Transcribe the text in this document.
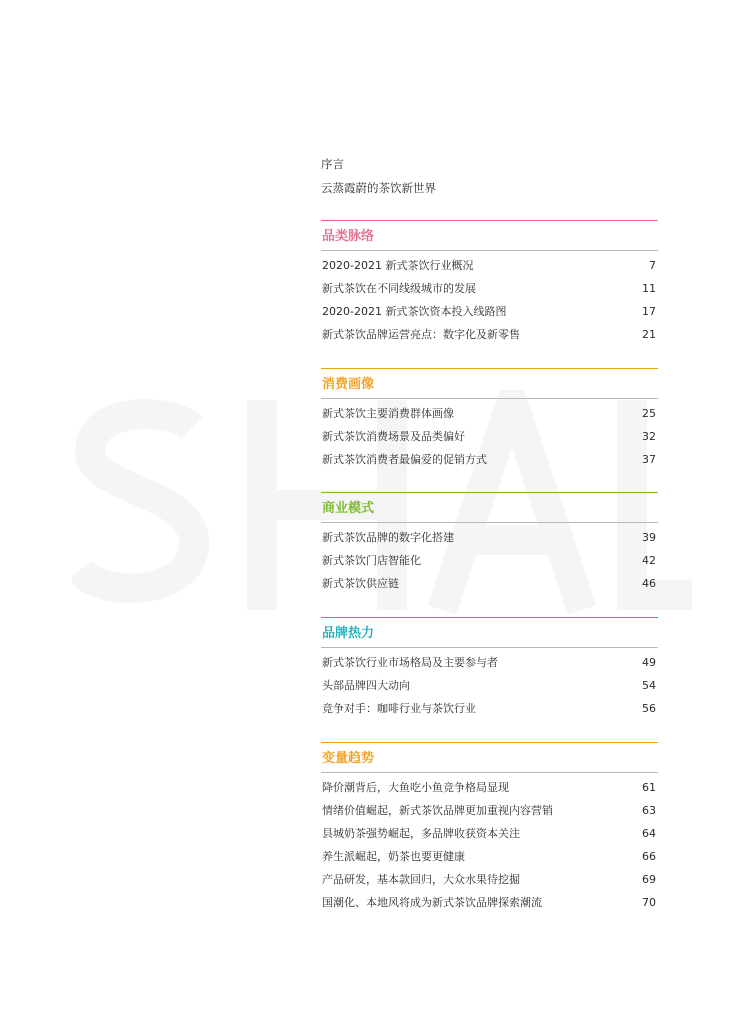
序言
云蒸霞蔚的茶饮新世界
品类脉络
2020-2021 新式茶饮行业概况	7
新式茶饮在不同线级城市的发展	11
2020-2021 新式茶饮资本投入线路图	17
新式茶饮品牌运营亮点：数字化及新零售	21
消费画像
新式茶饮主要消费群体画像	25
新式茶饮消费场景及品类偏好	32
新式茶饮消费者最偏爱的促销方式	37
商业模式
新式茶饮品牌的数字化搭建	39
新式茶饮门店智能化	42
新式茶饮供应链	46
品牌热力
新式茶饮行业市场格局及主要参与者	49
头部品牌四大动向	54
竞争对手：咖啡行业与茶饮行业	56
变量趋势
降价潮背后，大鱼吃小鱼竞争格局显现	61
情绪价值崛起，新式茶饮品牌更加重视内容营销	63
县城奶茶强势崛起，多品牌收获资本关注	64
养生派崛起，奶茶也要更健康	66
产品研发，基本款回归，大众水果待挖掘	69
国潮化、本地风将成为新式茶饮品牌探索潮流	70
